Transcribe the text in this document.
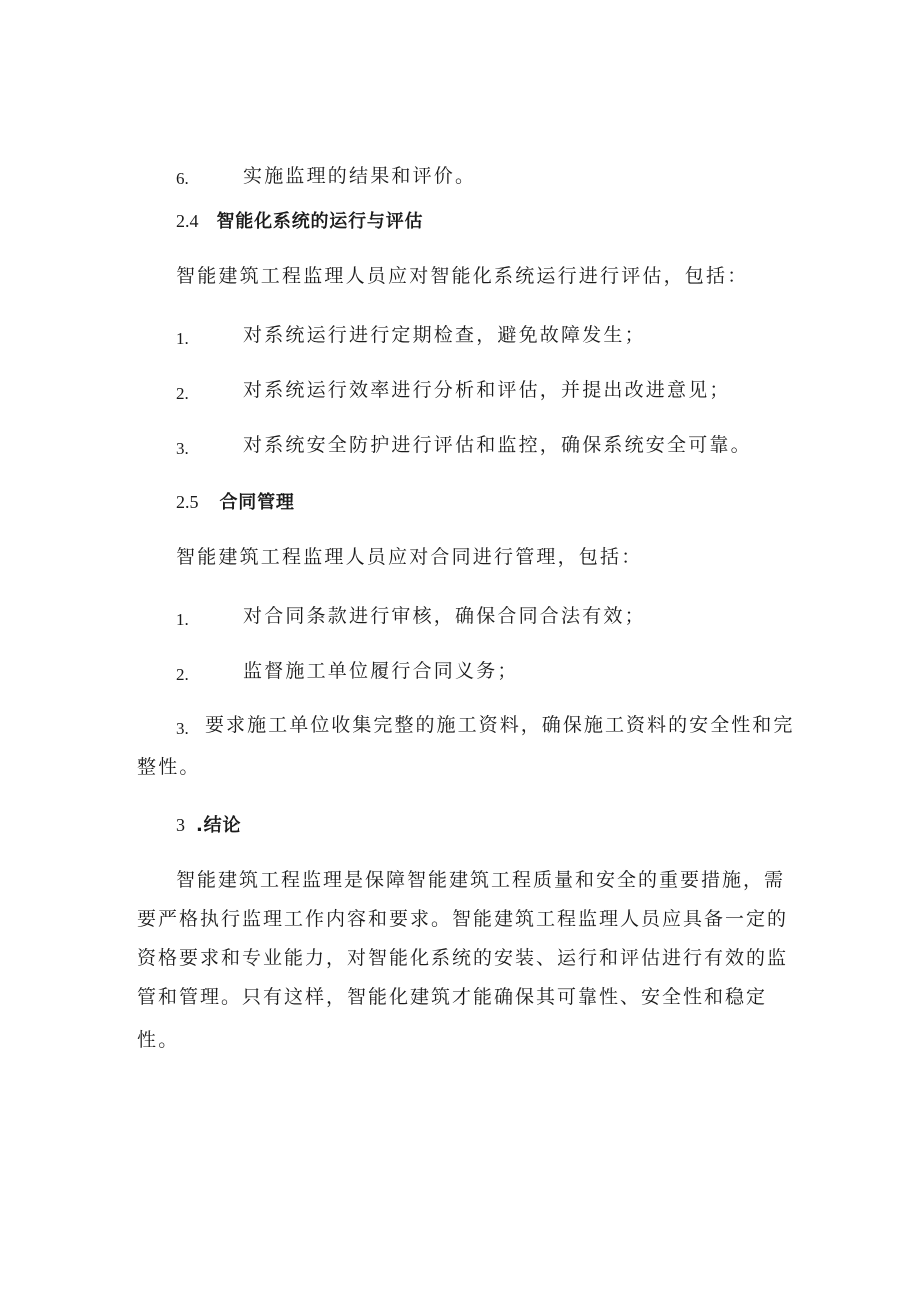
6.	实施监理的结果和评价。
2.4 智能化系统的运行与评估
智能建筑工程监理人员应对智能化系统运行进行评估，包括：
1.	对系统运行进行定期检查，避免故障发生；
2.	对系统运行效率进行分析和评估，并提出改进意见；
3.	对系统安全防护进行评估和监控，确保系统安全可靠。
2.5 合同管理
智能建筑工程监理人员应对合同进行管理，包括：
1.	对合同条款进行审核，确保合同合法有效；
2.	监督施工单位履行合同义务；
3. 要求施工单位收集完整的施工资料，确保施工资料的安全性和完
整性。
3 .结论
智能建筑工程监理是保障智能建筑工程质量和安全的重要措施，需
要严格执行监理工作内容和要求。智能建筑工程监理人员应具备一定的
资格要求和专业能力，对智能化系统的安装、运行和评估进行有效的监
管和管理。只有这样，智能化建筑才能确保其可靠性、安全性和稳定
性。
